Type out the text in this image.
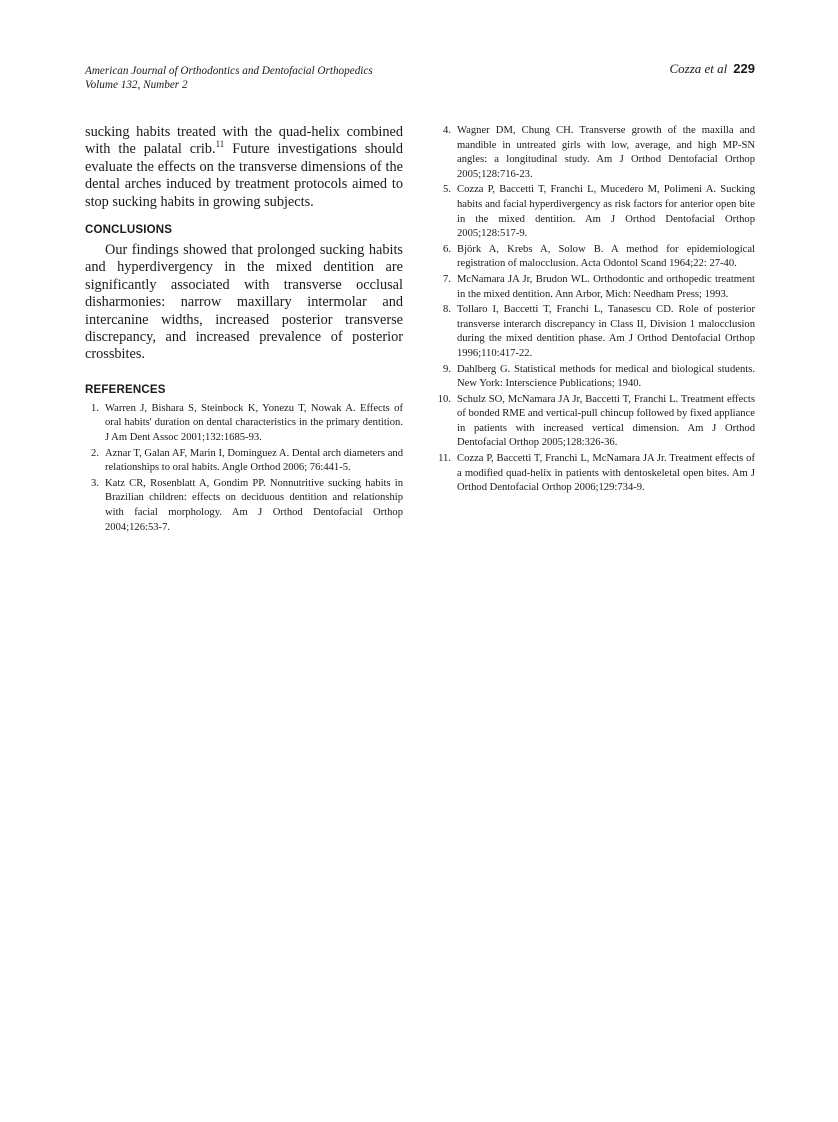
American Journal of Orthodontics and Dentofacial Orthopedics
Volume 132, Number 2
Cozza et al 229

sucking habits treated with the quad-helix combined with the palatal crib.$^{11}$ Future investigations should evaluate the effects on the transverse dimensions of the dental arches induced by treatment protocols aimed to stop sucking habits in growing subjects.

CONCLUSIONS

Our findings showed that prolonged sucking habits and hyperdivergency in the mixed dentition are significantly associated with transverse occlusal disharmonies: narrow maxillary intermolar and intercanine widths, increased posterior transverse discrepancy, and increased prevalence of posterior crossbites.

REFERENCES
1. Warren J, Bishara S, Steinbock K, Yonezu T, Nowak A. Effects of oral habits' duration on dental characteristics in the primary dentition. J Am Dent Assoc 2001;132:1685-93.
2. Aznar T, Galan AF, Marin I, Dominguez A. Dental arch diameters and relationships to oral habits. Angle Orthod 2006; 76:441-5.
3. Katz CR, Rosenblatt A, Gondim PP. Nonnutritive sucking habits in Brazilian children: effects on deciduous dentition and relationship with facial morphology. Am J Orthod Dentofacial Orthop 2004;126:53-7.
4. Wagner DM, Chung CH. Transverse growth of the maxilla and mandible in untreated girls with low, average, and high MP-SN angles: a longitudinal study. Am J Orthod Dentofacial Orthop 2005;128:716-23.
5. Cozza P, Baccetti T, Franchi L, Mucedero M, Polimeni A. Sucking habits and facial hyperdivergency as risk factors for anterior open bite in the mixed dentition. Am J Orthod Dentofacial Orthop 2005;128:517-9.
6. Björk A, Krebs A, Solow B. A method for epidemiological registration of malocclusion. Acta Odontol Scand 1964;22: 27-40.
7. McNamara JA Jr, Brudon WL. Orthodontic and orthopedic treatment in the mixed dentition. Ann Arbor, Mich: Needham Press; 1993.
8. Tollaro I, Baccetti T, Franchi L, Tanasescu CD. Role of posterior transverse interarch discrepancy in Class II, Division 1 malocclusion during the mixed dentition phase. Am J Orthod Dentofacial Orthop 1996;110:417-22.
9. Dahlberg G. Statistical methods for medical and biological students. New York: Interscience Publications; 1940.
10. Schulz SO, McNamara JA Jr, Baccetti T, Franchi L. Treatment effects of bonded RME and vertical-pull chincup followed by fixed appliance in patients with increased vertical dimension. Am J Orthod Dentofacial Orthop 2005;128:326-36.
11. Cozza P, Baccetti T, Franchi L, McNamara JA Jr. Treatment effects of a modified quad-helix in patients with dentoskeletal open bites. Am J Orthod Dentofacial Orthop 2006;129:734-9.
